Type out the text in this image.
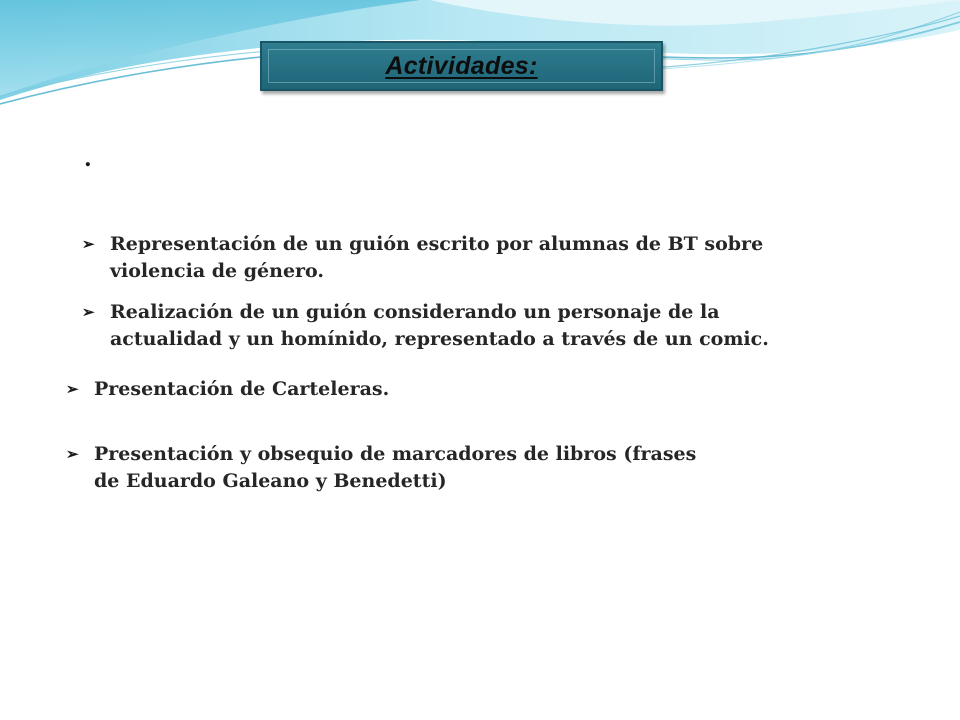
Actividades:
.
➢ Representación de un guión escrito por alumnas de BT sobre
violencia de género.
➢ Realización de un guión considerando un personaje de la
actualidad y un homínido, representado a través de un comic.
➢ Presentación de Carteleras.
➢ Presentación y obsequio de marcadores de libros (frases
de Eduardo Galeano y Benedetti)
